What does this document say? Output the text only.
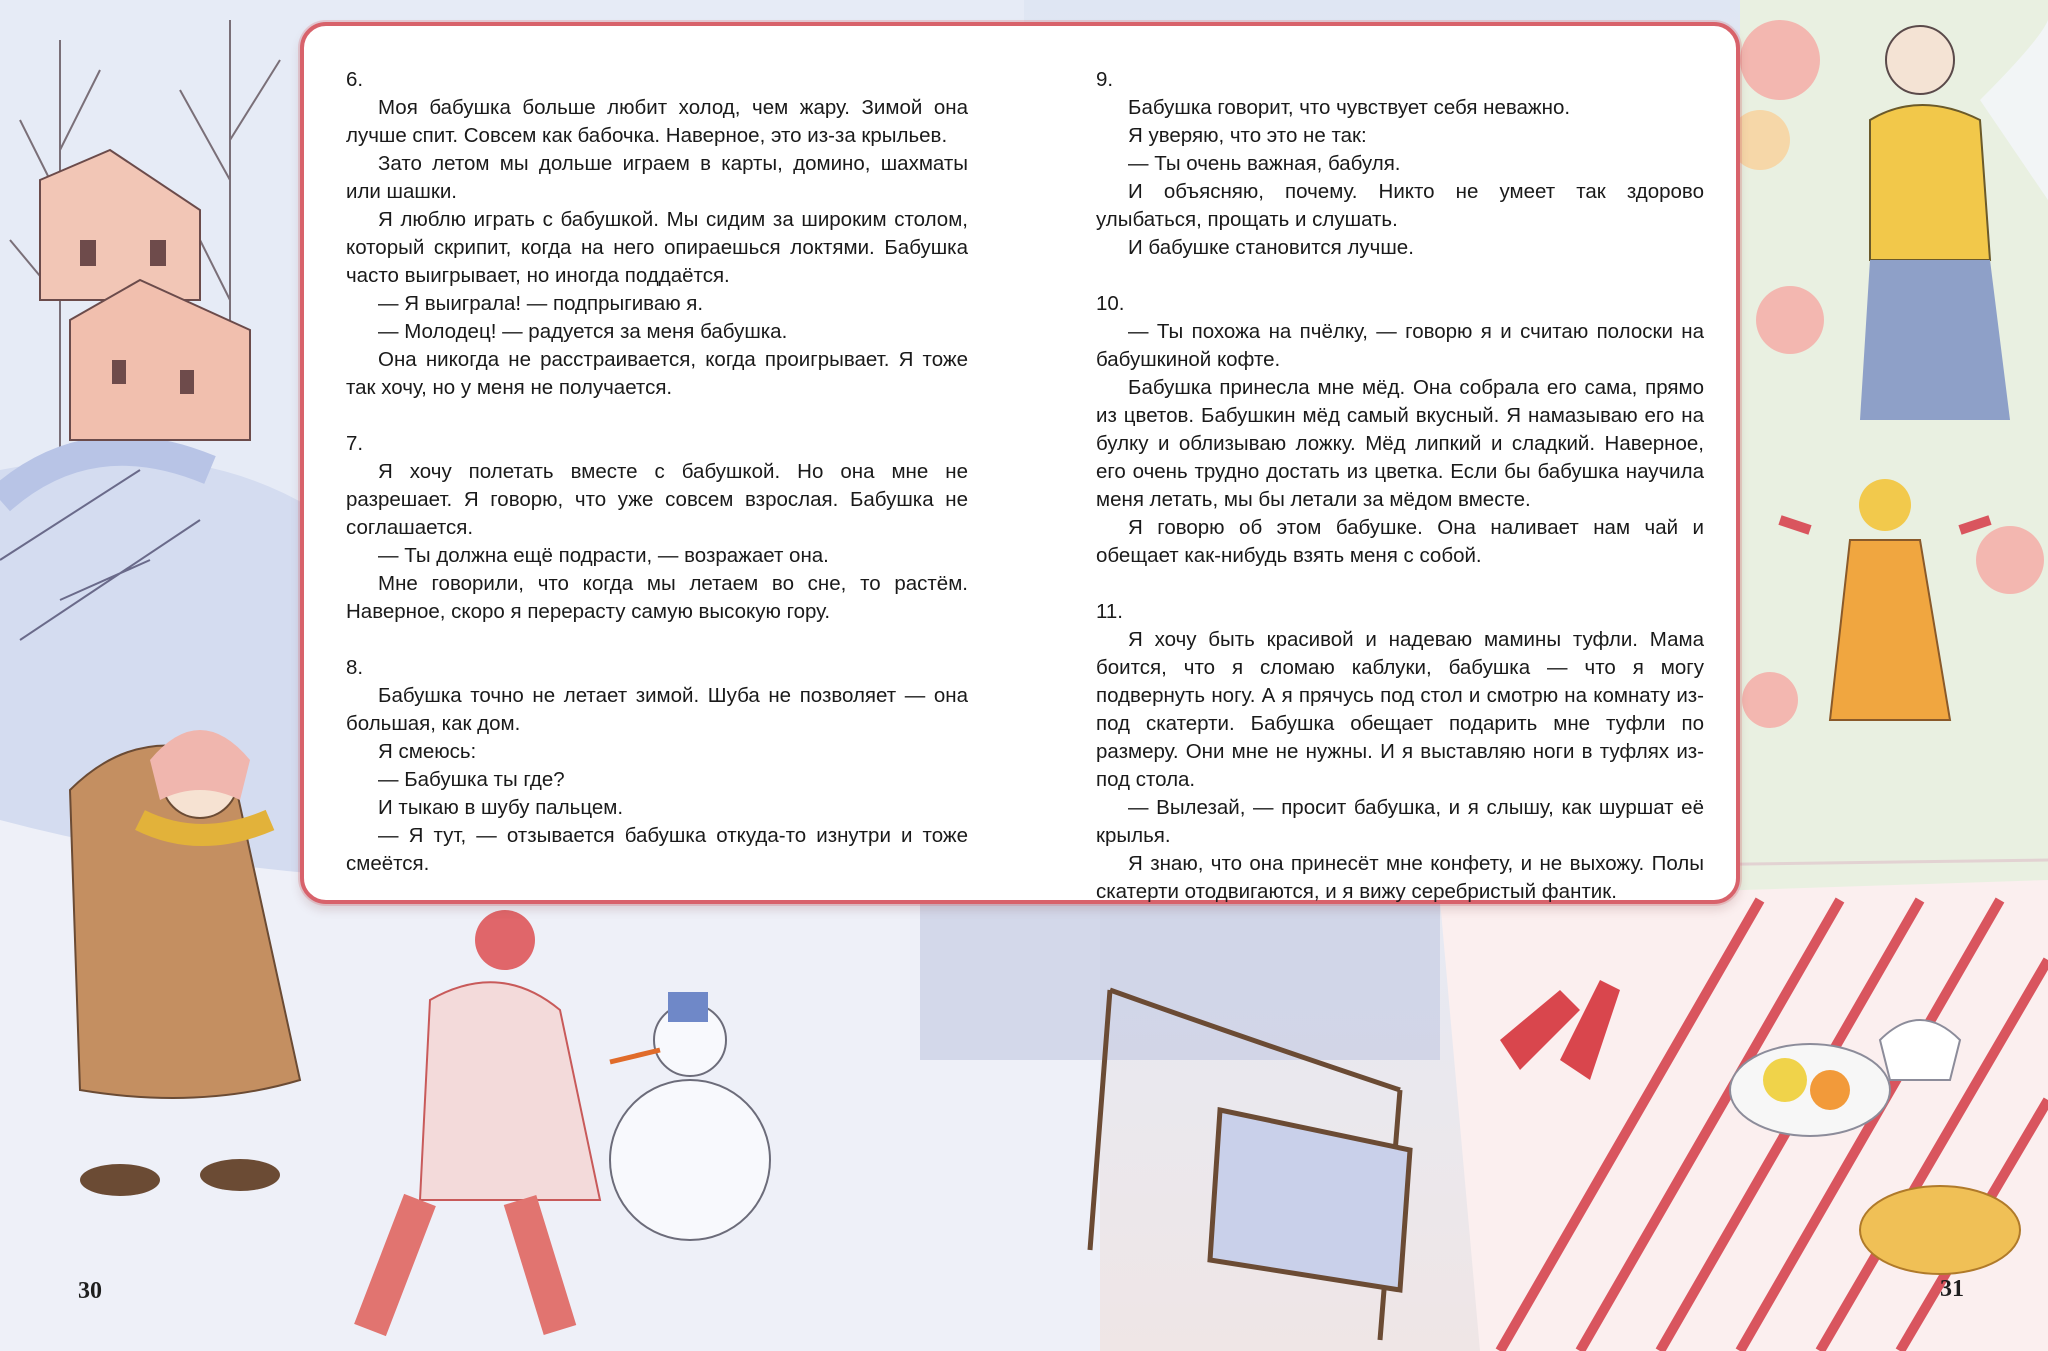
6.

Моя бабушка больше любит холод, чем жару. Зимой она лучше спит. Совсем как бабочка. Наверное, это из-за крыльев.

Зато летом мы дольше играем в карты, домино, шахматы или шашки.

Я люблю играть с бабушкой. Мы сидим за широким столом, который скрипит, когда на него опираешься локтями. Бабушка часто выигрывает, но иногда поддаётся.

— Я выиграла! — подпрыгиваю я.

— Молодец! — радуется за меня бабушка.

Она никогда не расстраивается, когда проигрывает. Я тоже так хочу, но у меня не получается.

7.

Я хочу полетать вместе с бабушкой. Но она мне не разрешает. Я говорю, что уже совсем взрослая. Бабушка не соглашается.

— Ты должна ещё подрасти, — возражает она.

Мне говорили, что когда мы летаем во сне, то растём. Наверное, скоро я перерасту самую высокую гору.

8.

Бабушка точно не летает зимой. Шуба не позволяет — она большая, как дом.

Я смеюсь:

— Бабушка ты где?

И тыкаю в шубу пальцем.

— Я тут, — отзывается бабушка откуда-то изнутри и тоже смеётся.

9.

Бабушка говорит, что чувствует себя неважно.

Я уверяю, что это не так:

— Ты очень важная, бабуля.

И объясняю, почему. Никто не умеет так здорово улыбаться, прощать и слушать.

И бабушке становится лучше.

10.

— Ты похожа на пчёлку, — говорю я и считаю полоски на бабушкиной кофте.

Бабушка принесла мне мёд. Она собрала его сама, прямо из цветов. Бабушкин мёд самый вкусный. Я намазываю его на булку и облизываю ложку. Мёд липкий и сладкий. Наверное, его очень трудно достать из цветка. Если бы бабушка научила меня летать, мы бы летали за мёдом вместе.

Я говорю об этом бабушке. Она наливает нам чай и обещает как-нибудь взять меня с собой.

11.

Я хочу быть красивой и надеваю мамины туфли. Мама боится, что я сломаю каблуки, бабушка — что я могу подвернуть ногу. А я прячусь под стол и смотрю на комнату из-под скатерти. Бабушка обещает подарить мне туфли по размеру. Они мне не нужны. И я выставляю ноги в туфлях из-под стола.

— Вылезай, — просит бабушка, и я слышу, как шуршат её крылья.

Я знаю, что она принесёт мне конфету, и не выхожу. Полы скатерти отодвигаются, и я вижу серебристый фантик.

30	31
